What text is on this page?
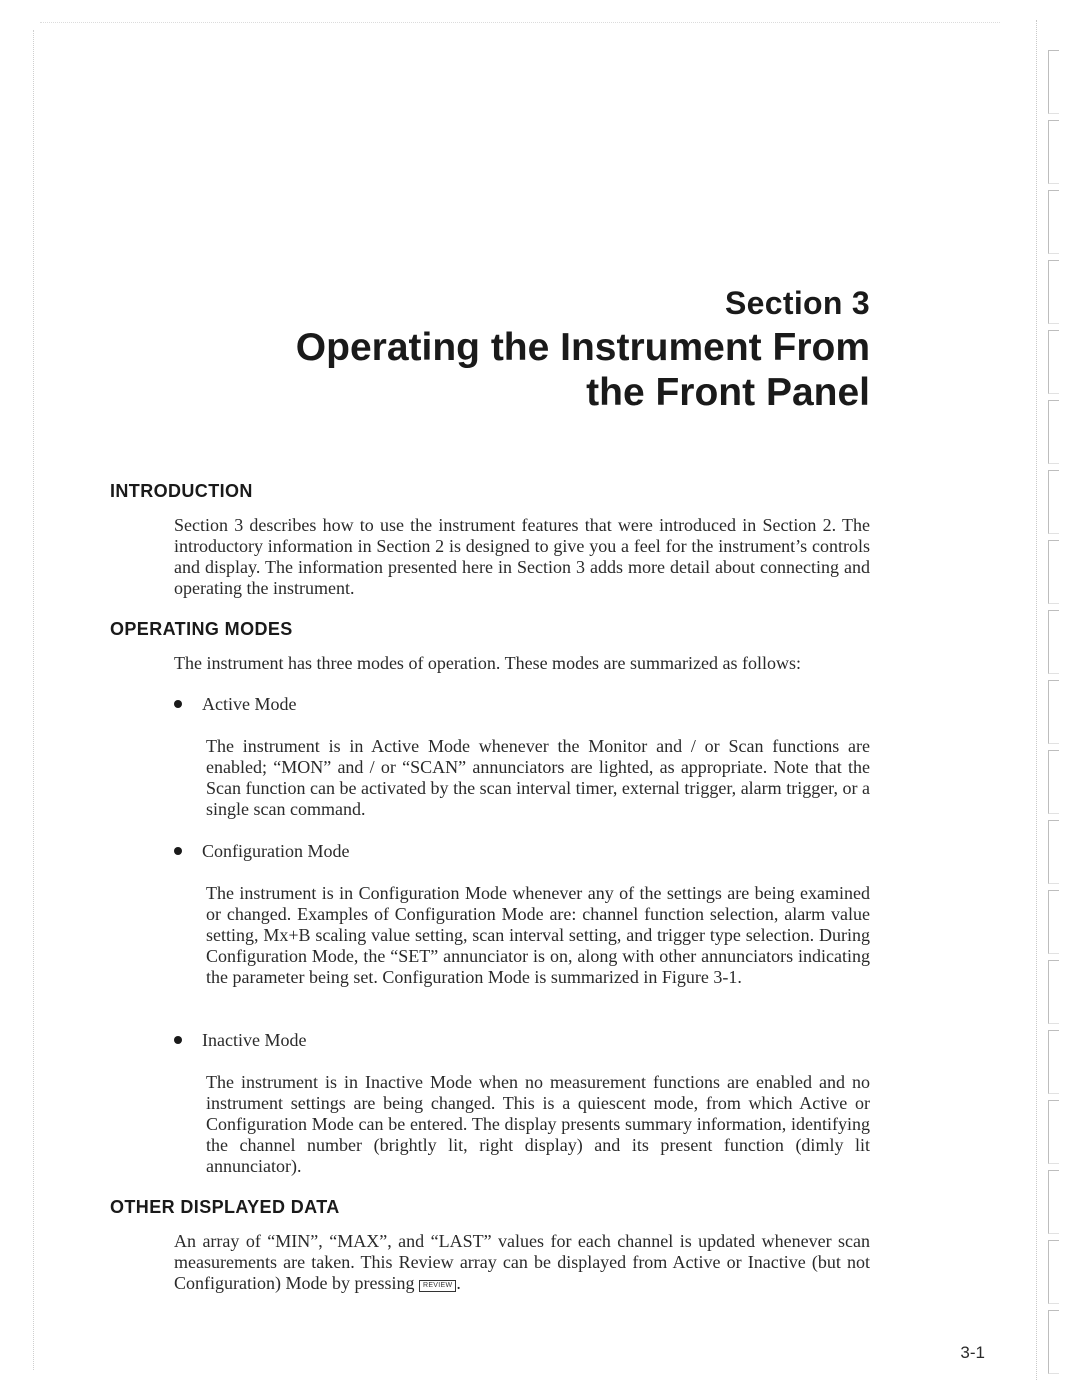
Section 3
Operating the Instrument From
the Front Panel
INTRODUCTION
Section 3 describes how to use the instrument features that were introduced in Section 2. The introductory information in Section 2 is designed to give you a feel for the instrument’s controls and display. The information presented here in Section 3 adds more detail about connecting and operating the instrument.
OPERATING MODES
The instrument has three modes of operation. These modes are summarized as follows:
Active Mode
The instrument is in Active Mode whenever the Monitor and / or Scan functions are enabled; “MON” and / or “SCAN” annunciators are lighted, as appropriate. Note that the Scan function can be activated by the scan interval timer, external trigger, alarm trigger, or a single scan command.
Configuration Mode
The instrument is in Configuration Mode whenever any of the settings are being examined or changed. Examples of Configuration Mode are: channel function selection, alarm value setting, Mx+B scaling value setting, scan interval setting, and trigger type selection. During Configuration Mode, the “SET” annunciator is on, along with other annunciators indicating the parameter being set. Configuration Mode is summarized in Figure 3-1.
Inactive Mode
The instrument is in Inactive Mode when no measurement functions are enabled and no instrument settings are being changed. This is a quiescent mode, from which Active or Configuration Mode can be entered. The display presents summary information, identifying the channel number (brightly lit, right display) and its present function (dimly lit annunciator).
OTHER DISPLAYED DATA
An array of “MIN”, “MAX”, and “LAST” values for each channel is updated whenever scan measurements are taken. This Review array can be displayed from Active or Inactive (but not Configuration) Mode by pressing REVIEW .
3-1
